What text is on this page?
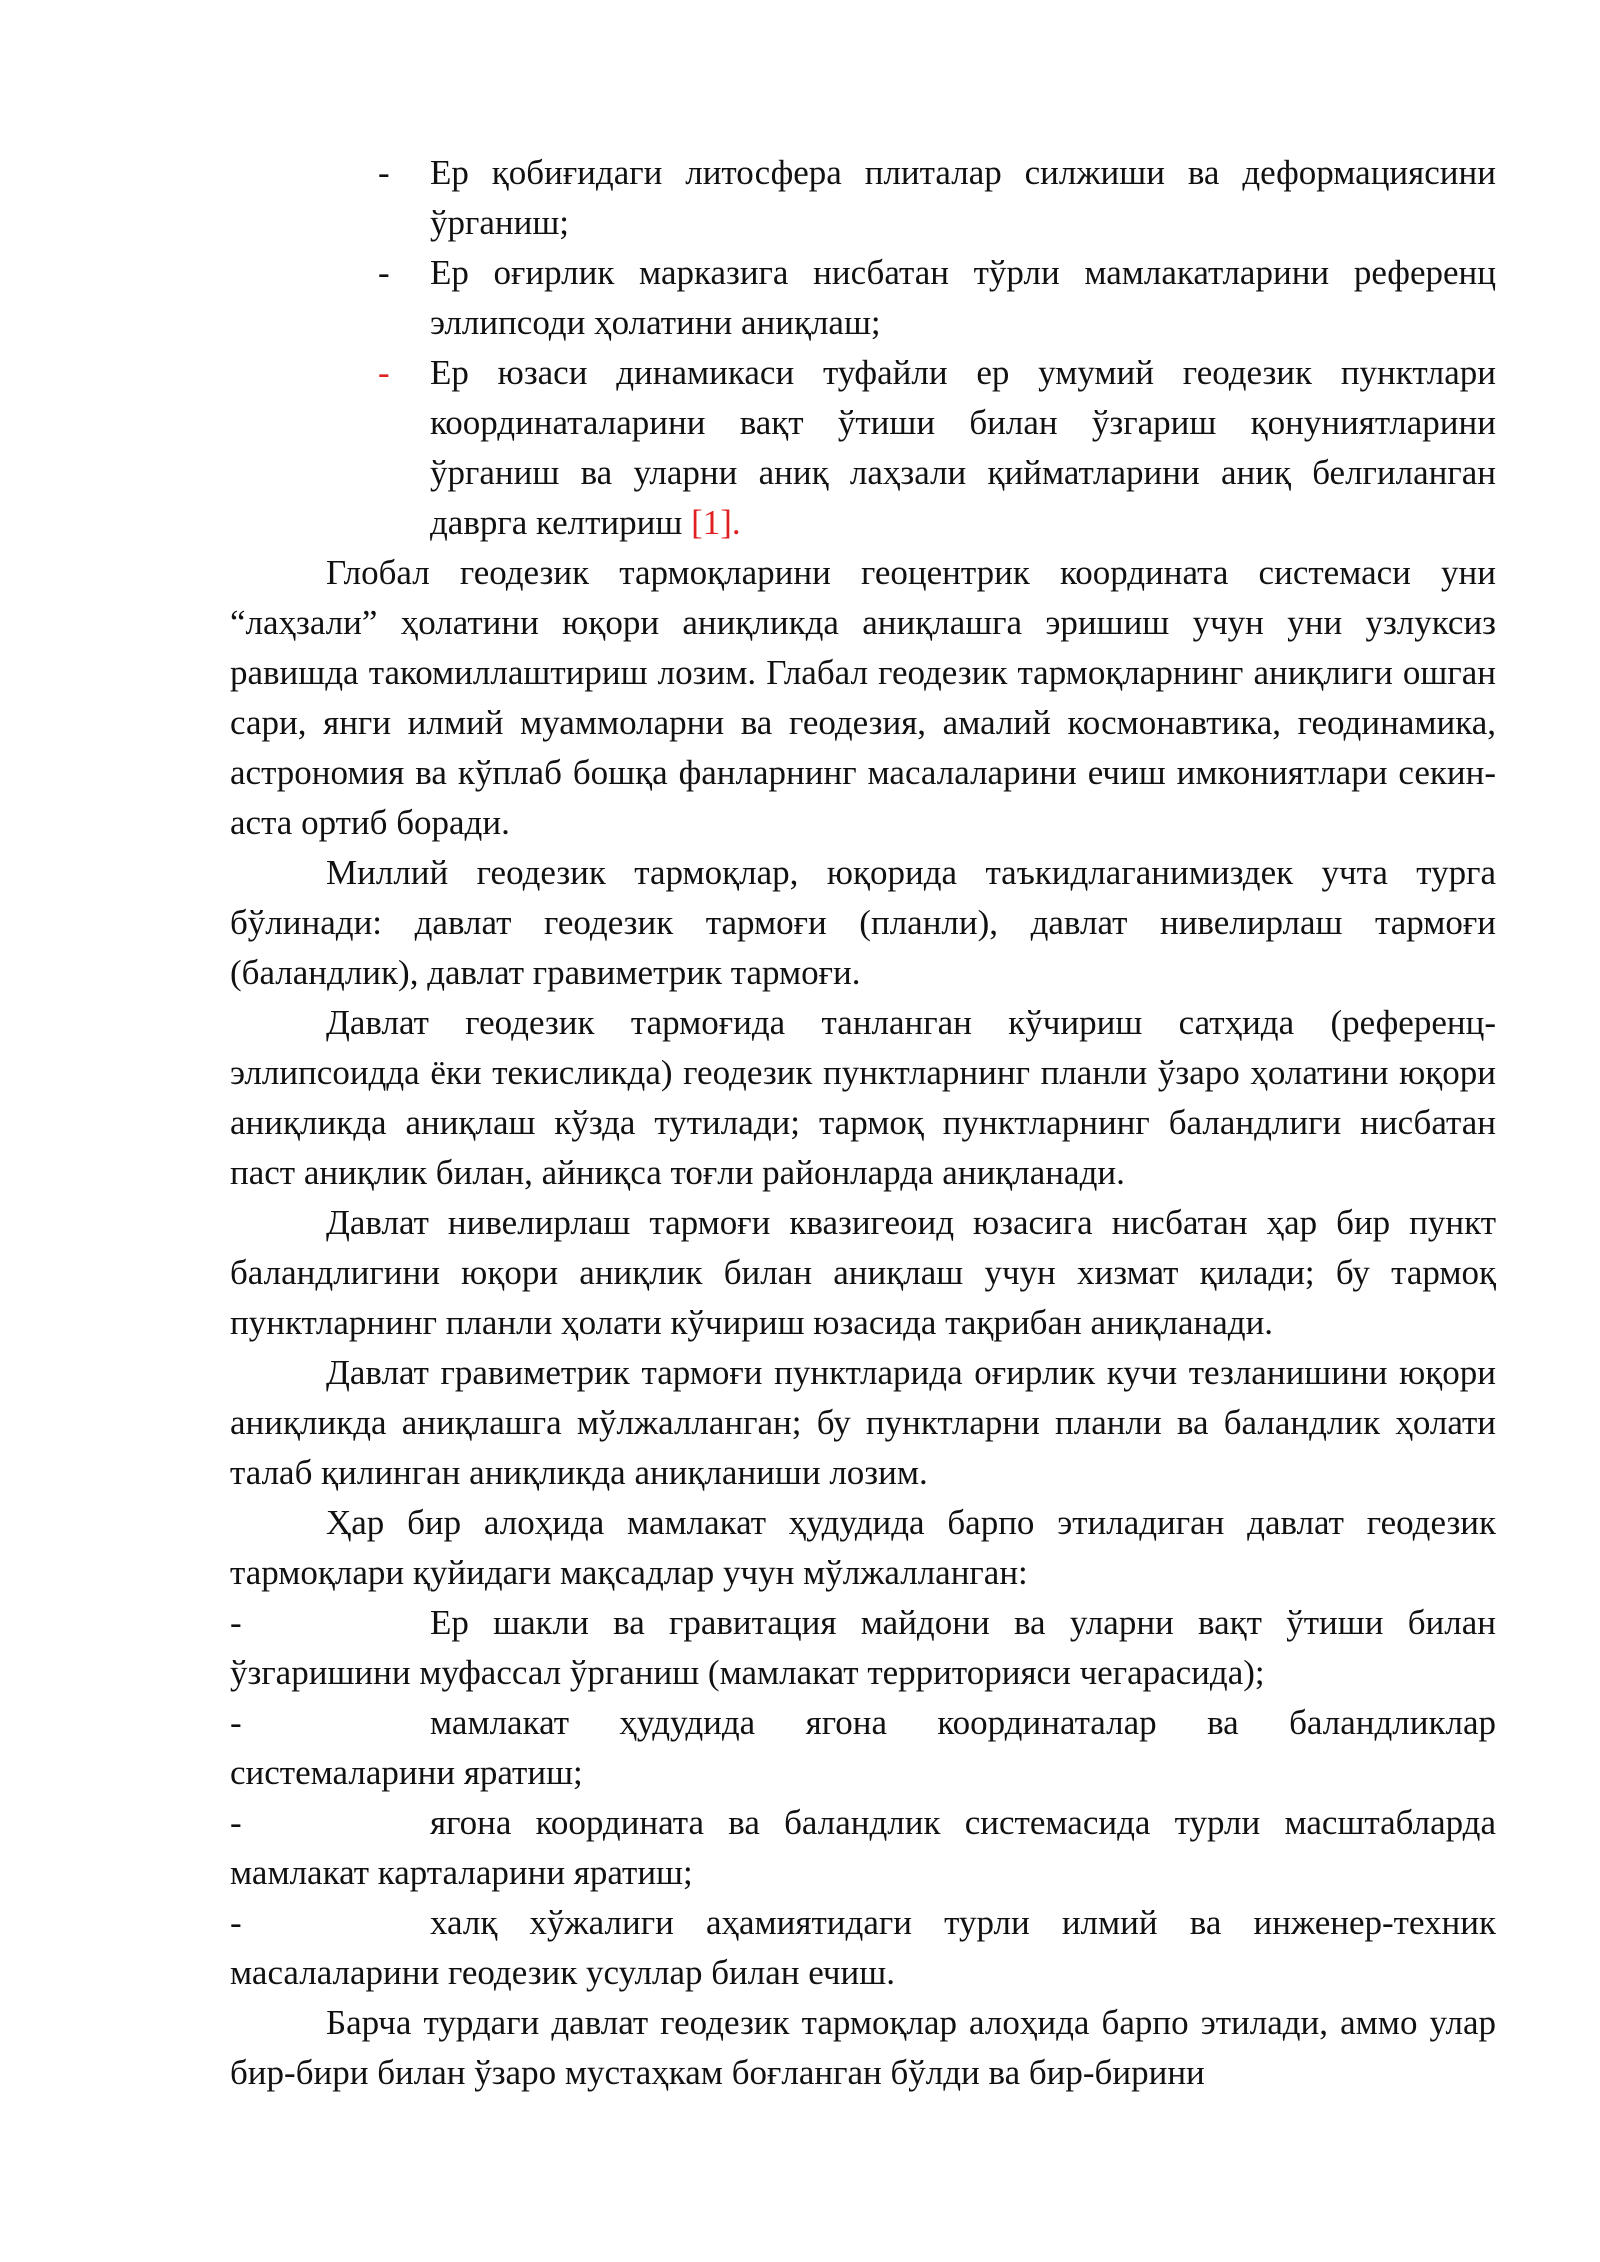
- Ер қобиғидаги литосфера плиталар силжиши ва деформациясини ўрганиш;
- Ер оғирлик марказига нисбатан тўрли мамлакатларини референц эллипсоди ҳолатини аниқлаш;
- Ер юзаси динамикаси туфайли ер умумий геодезик пунктлари координаталарини вақт ўтиши билан ўзгариш қонуниятларини ўрганиш ва уларни аниқ лаҳзали қийматларини аниқ белгиланган даврга келтириш [1].

Глобал геодезик тармоқларини геоцентрик координата системаси уни “лаҳзали” ҳолатини юқори аниқликда аниқлашга эришиш учун уни узлуксиз равишда такомиллаштириш лозим. Глабал геодезик тармоқларнинг аниқлиги ошган сари, янги илмий муаммоларни ва геодезия, амалий космонавтика, геодинамика, астрономия ва кўплаб бошқа фанларнинг масалаларини ечиш имкониятлари секин-аста ортиб боради.

Миллий геодезик тармоқлар, юқорида таъкидлаганимиздек учта турга бўлинади: давлат геодезик тармоғи (планли), давлат нивелирлаш тармоғи (баландлик), давлат гравиметрик тармоғи.

Давлат геодезик тармоғида танланган кўчириш сатҳида (референц-эллипсоидда ёки текисликда) геодезик пунктларнинг планли ўзаро ҳолатини юқори аниқликда аниқлаш кўзда тутилади; тармоқ пунктларнинг баландлиги нисбатан паст аниқлик билан, айниқса тоғли районларда аниқланади.

Давлат нивелирлаш тармоғи квазигеоид юзасига нисбатан ҳар бир пункт баландлигини юқори аниқлик билан аниқлаш учун хизмат қилади; бу тармоқ пунктларнинг планли ҳолати кўчириш юзасида тақрибан аниқланади.

Давлат гравиметрик тармоғи пунктларида оғирлик кучи тезланишини юқори аниқликда аниқлашга мўлжалланган; бу пунктларни планли ва баландлик ҳолати талаб қилинган аниқликда аниқланиши лозим.

Ҳар бир алоҳида мамлакат ҳудудида барпо этиладиган давлат геодезик тармоқлари қуйидаги мақсадлар учун мўлжалланган:

-	Ер шакли ва гравитация майдони ва уларни вақт ўтиши билан ўзгаришини муфассал ўрганиш (мамлакат территорияси чегарасида);

-	мамлакат ҳудудида ягона координаталар ва баландликлар системаларини яратиш;

-	ягона координата ва баландлик системасида турли масштабларда мамлакат карталарини яратиш;

-	халқ хўжалиги аҳамиятидаги турли илмий ва инженер-техник масалаларини геодезик усуллар билан ечиш.

Барча турдаги давлат геодезик тармоқлар алоҳида барпо этилади, аммо улар бир-бири билан ўзаро мустаҳкам боғланган бўлди ва бир-бирини
